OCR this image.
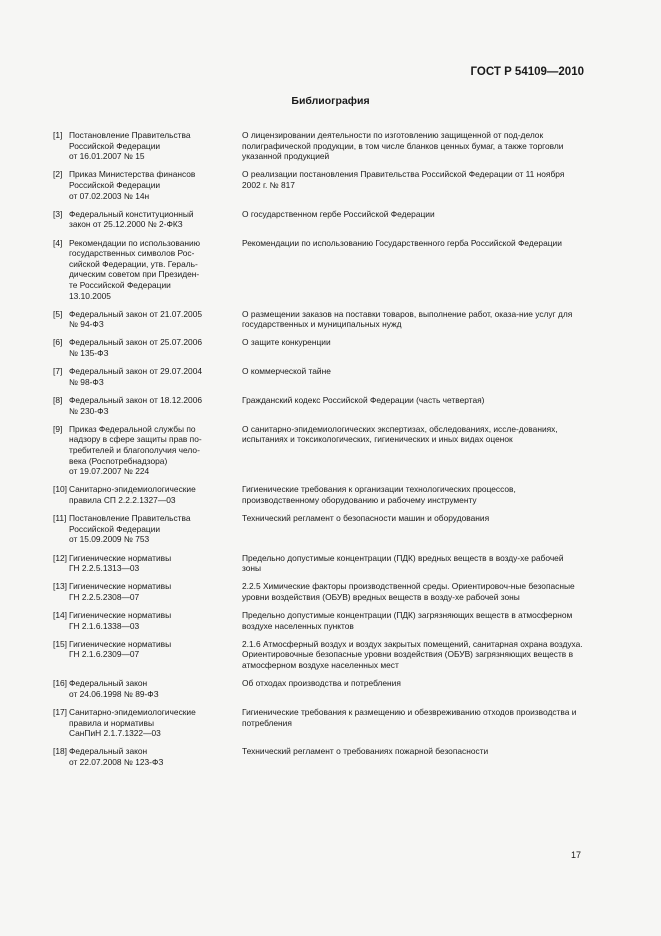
ГОСТ Р 54109—2010
Библиография
[1] Постановление Правительства
Российской Федерации
от 16.01.2007 № 15
О лицензировании деятельности по изготовлению защищенной от под-делок полиграфической продукции, в том числе бланков ценных бумаг, а также торговли указанной продукцией
[2] Приказ Министерства финансов
Российской Федерации
от 07.02.2003 № 14н
О реализации постановления Правительства Российской Федерации от 11 ноября 2002 г. № 817
[3] Федеральный конституционный
закон от 25.12.2000 № 2-ФКЗ
О государственном гербе Российской Федерации
[4] Рекомендации по использованию
государственных символов Рос-
сийской Федерации, утв. Гераль-
дическим советом при Президен-
те Российской Федерации
13.10.2005
Рекомендации по использованию Государственного герба Российской Федерации
[5] Федеральный закон от 21.07.2005
№ 94-ФЗ
О размещении заказов на поставки товаров, выполнение работ, оказа-ние услуг для государственных и муниципальных нужд
[6] Федеральный закон от 25.07.2006
№ 135-ФЗ
О защите конкуренции
[7] Федеральный закон от 29.07.2004
№ 98-ФЗ
О коммерческой тайне
[8] Федеральный закон от 18.12.2006
№ 230-ФЗ
Гражданский кодекс Российской Федерации (часть четвертая)
[9] Приказ Федеральной службы по
надзору в сфере защиты прав по-
требителей и благополучия чело-
века (Роспотребнадзора)
от 19.07.2007 № 224
О санитарно-эпидемиологических экспертизах, обследованиях, иссле-дованиях, испытаниях и токсикологических, гигиенических и иных видах оценок
[10] Санитарно-эпидемиологические
правила СП 2.2.2.1327—03
Гигиенические требования к организации технологических процессов, производственному оборудованию и рабочему инструменту
[11] Постановление Правительства
Российской Федерации
от 15.09.2009 № 753
Технический регламент о безопасности машин и оборудования
[12] Гигиенические нормативы
ГН 2.2.5.1313—03
Предельно допустимые концентрации (ПДК) вредных веществ в возду-хе рабочей зоны
[13] Гигиенические нормативы
ГН 2.2.5.2308—07
2.2.5 Химические факторы производственной среды. Ориентировоч-ные безопасные уровни воздействия (ОБУВ) вредных веществ в возду-хе рабочей зоны
[14] Гигиенические нормативы
ГН 2.1.6.1338—03
Предельно допустимые концентрации (ПДК) загрязняющих веществ в атмосферном воздухе населенных пунктов
[15] Гигиенические нормативы
ГН 2.1.6.2309—07
2.1.6 Атмосферный воздух и воздух закрытых помещений, санитарная охрана воздуха. Ориентировочные безопасные уровни воздействия (ОБУВ) загрязняющих веществ в атмосферном воздухе населенных мест
[16] Федеральный закон
от 24.06.1998 № 89-ФЗ
Об отходах производства и потребления
[17] Санитарно-эпидемиологические
правила и нормативы
СанПиН 2.1.7.1322—03
Гигиенические требования к размещению и обезвреживанию отходов производства и потребления
[18] Федеральный закон
от 22.07.2008 № 123-ФЗ
Технический регламент о требованиях пожарной безопасности
17
